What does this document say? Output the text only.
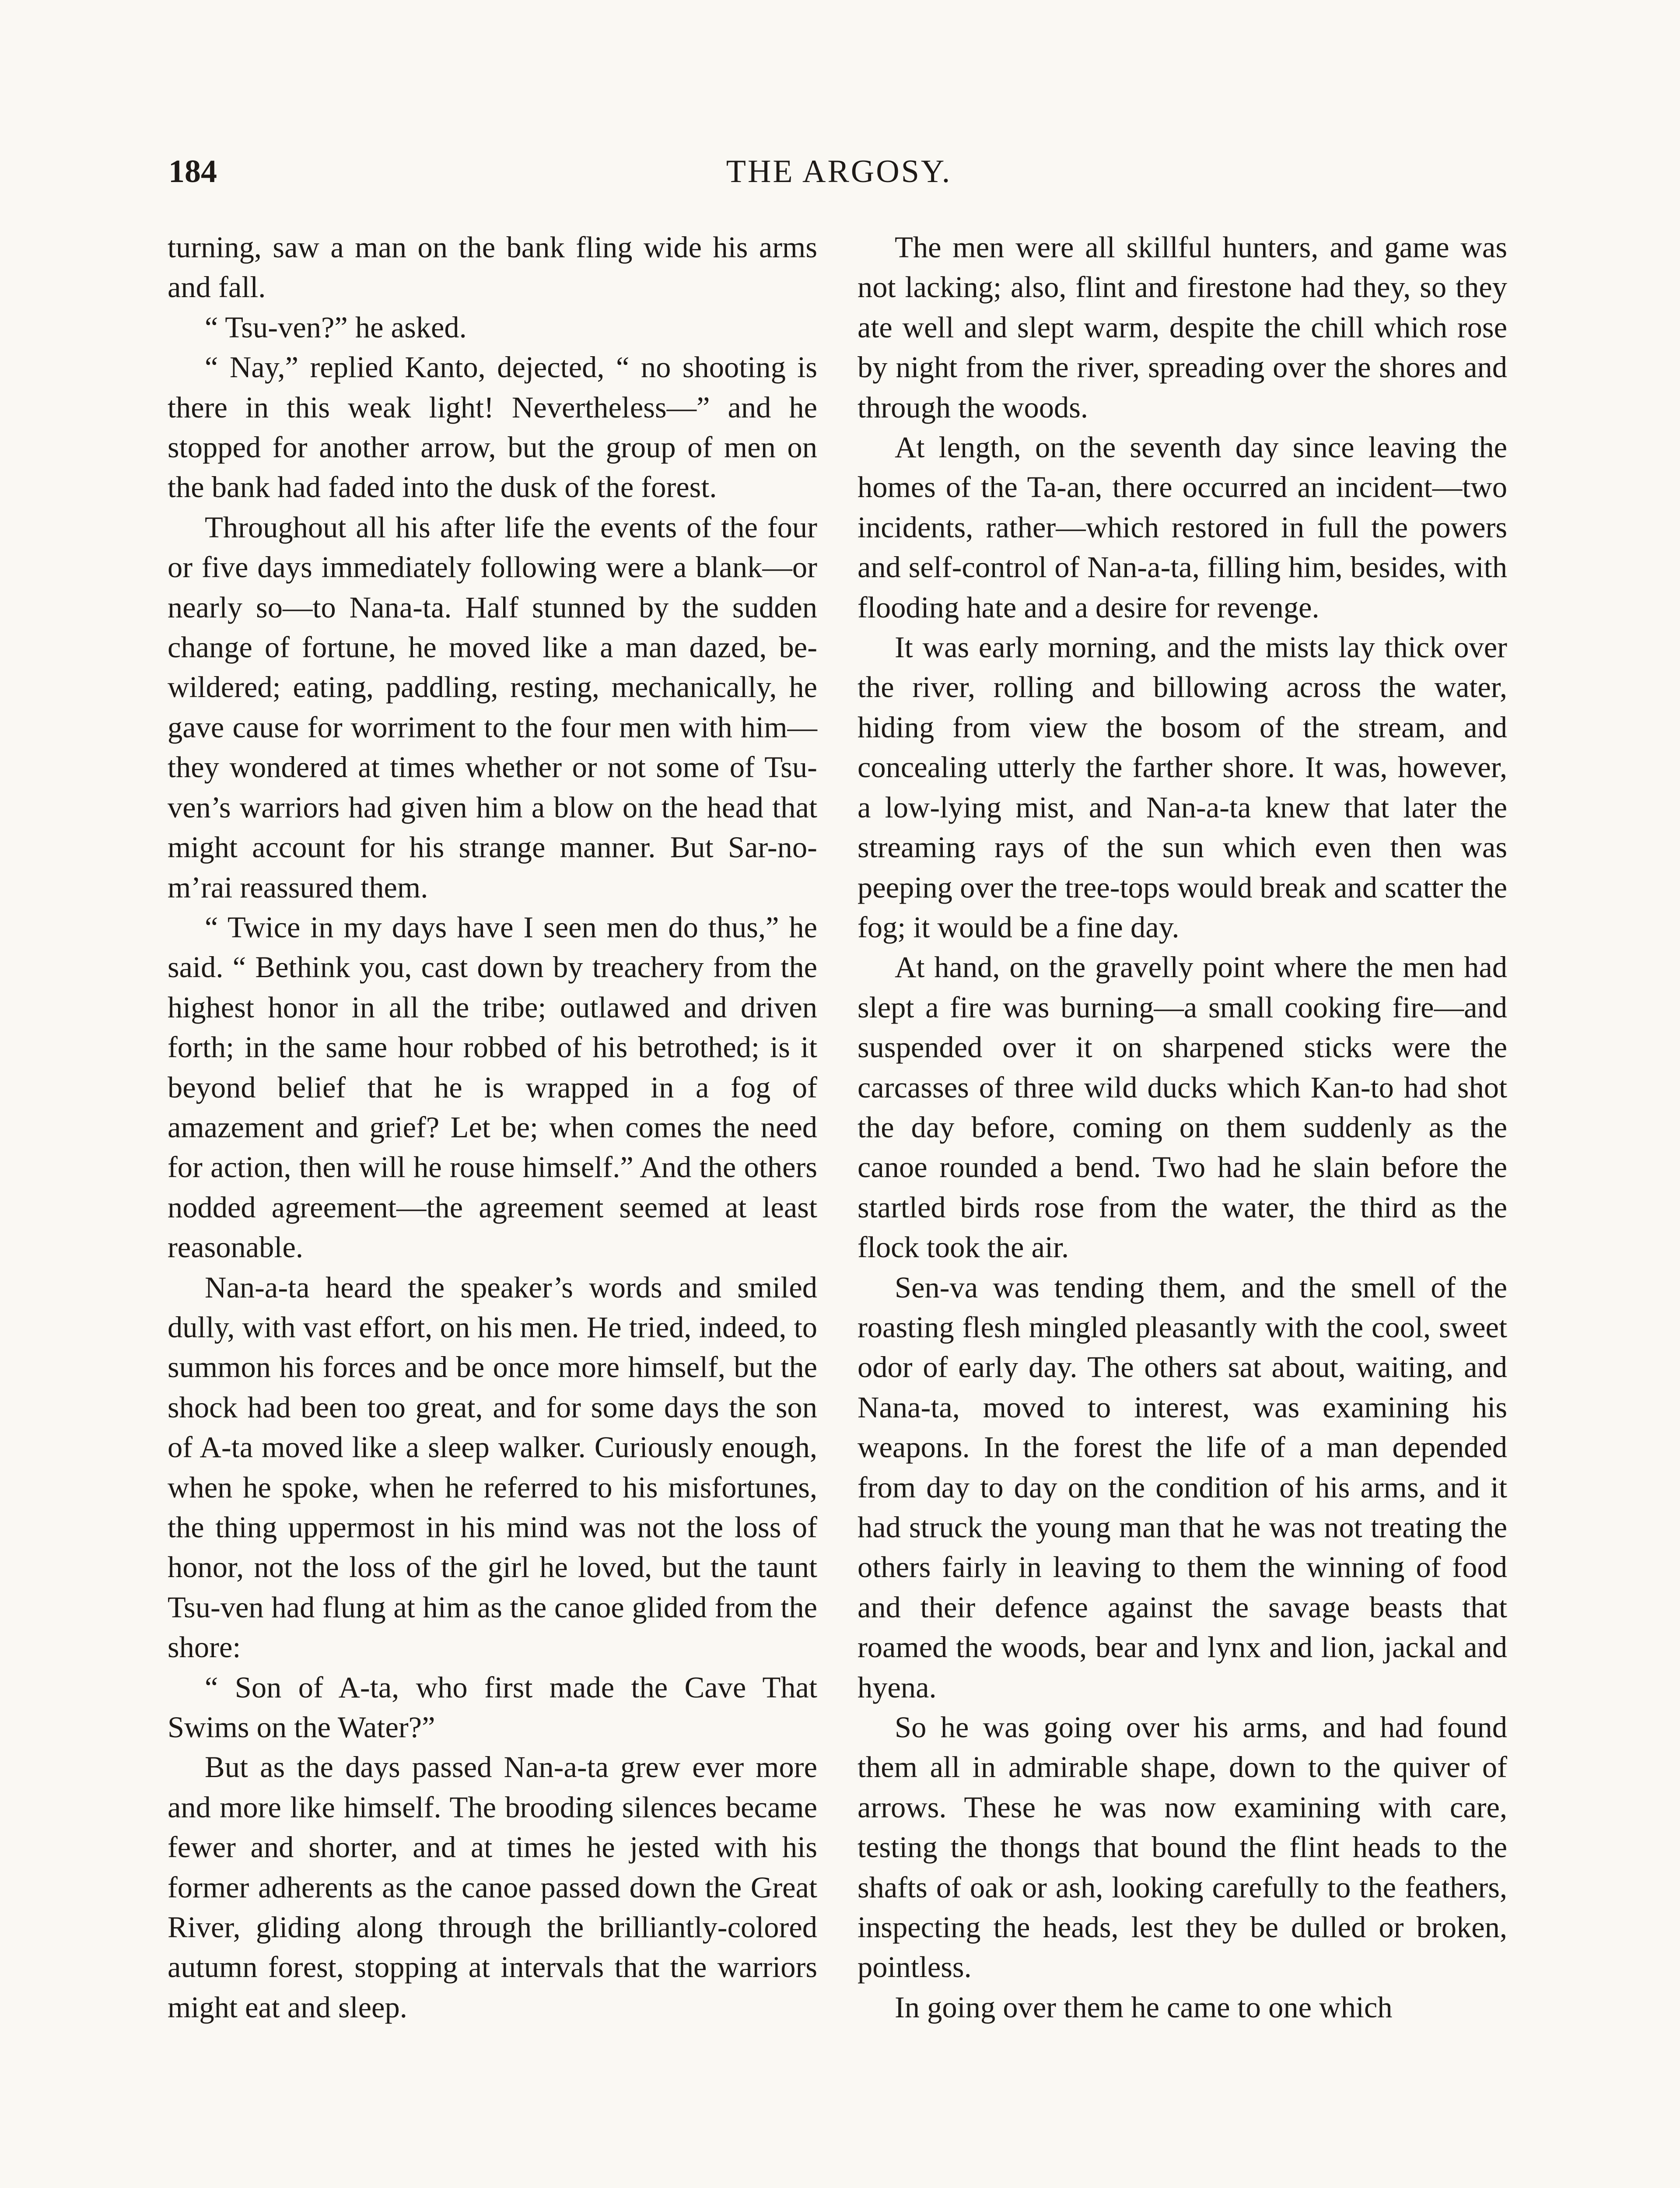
184	THE ARGOSY.

turning, saw a man on the bank fling wide his arms and fall.

“ Tsu-ven?” he asked.

“ Nay,” replied Kanto, dejected, “ no shooting is there in this weak light! Nevertheless—” and he stopped for another arrow, but the group of men on the bank had faded into the dusk of the forest.

Throughout all his after life the events of the four or five days immediately following were a blank—or nearly so—to Nana-ta. Half stunned by the sudden change of fortune, he moved like a man dazed, bewildered; eating, paddling, resting, mechanically, he gave cause for worriment to the four men with him—they wondered at times whether or not some of Tsu-ven’s warriors had given him a blow on the head that might account for his strange manner. But Sar-no-m’rai reassured them.

“ Twice in my days have I seen men do thus,” he said. “ Bethink you, cast down by treachery from the highest honor in all the tribe; outlawed and driven forth; in the same hour robbed of his betrothed; is it beyond belief that he is wrapped in a fog of amazement and grief? Let be; when comes the need for action, then will he rouse himself.” And the others nodded agreement—the agreement seemed at least reasonable.

Nan-a-ta heard the speaker’s words and smiled dully, with vast effort, on his men. He tried, indeed, to summon his forces and be once more himself, but the shock had been too great, and for some days the son of A-ta moved like a sleep walker. Curiously enough, when he spoke, when he referred to his misfortunes, the thing uppermost in his mind was not the loss of honor, not the loss of the girl he loved, but the taunt Tsu-ven had flung at him as the canoe glided from the shore:

“ Son of A-ta, who first made the Cave That Swims on the Water?”

But as the days passed Nan-a-ta grew ever more and more like himself. The brooding silences became fewer and shorter, and at times he jested with his former adherents as the canoe passed down the Great River, gliding along through the brilliantly-colored autumn forest, stopping at intervals that the warriors might eat and sleep.

The men were all skillful hunters, and game was not lacking; also, flint and firestone had they, so they ate well and slept warm, despite the chill which rose by night from the river, spreading over the shores and through the woods.

At length, on the seventh day since leaving the homes of the Ta-an, there occurred an incident—two incidents, rather—which restored in full the powers and self-control of Nan-a-ta, filling him, besides, with flooding hate and a desire for revenge.

It was early morning, and the mists lay thick over the river, rolling and billowing across the water, hiding from view the bosom of the stream, and concealing utterly the farther shore. It was, however, a low-lying mist, and Nan-a-ta knew that later the streaming rays of the sun which even then was peeping over the tree-tops would break and scatter the fog; it would be a fine day.

At hand, on the gravelly point where the men had slept a fire was burning—a small cooking fire—and suspended over it on sharpened sticks were the carcasses of three wild ducks which Kan-to had shot the day before, coming on them suddenly as the canoe rounded a bend. Two had he slain before the startled birds rose from the water, the third as the flock took the air.

Sen-va was tending them, and the smell of the roasting flesh mingled pleasantly with the cool, sweet odor of early day. The others sat about, waiting, and Nana-ta, moved to interest, was examining his weapons. In the forest the life of a man depended from day to day on the condition of his arms, and it had struck the young man that he was not treating the others fairly in leaving to them the winning of food and their defence against the savage beasts that roamed the woods, bear and lynx and lion, jackal and hyena.

So he was going over his arms, and had found them all in admirable shape, down to the quiver of arrows. These he was now examining with care, testing the thongs that bound the flint heads to the shafts of oak or ash, looking carefully to the feathers, inspecting the heads, lest they be dulled or broken, pointless.

In going over them he came to one which
